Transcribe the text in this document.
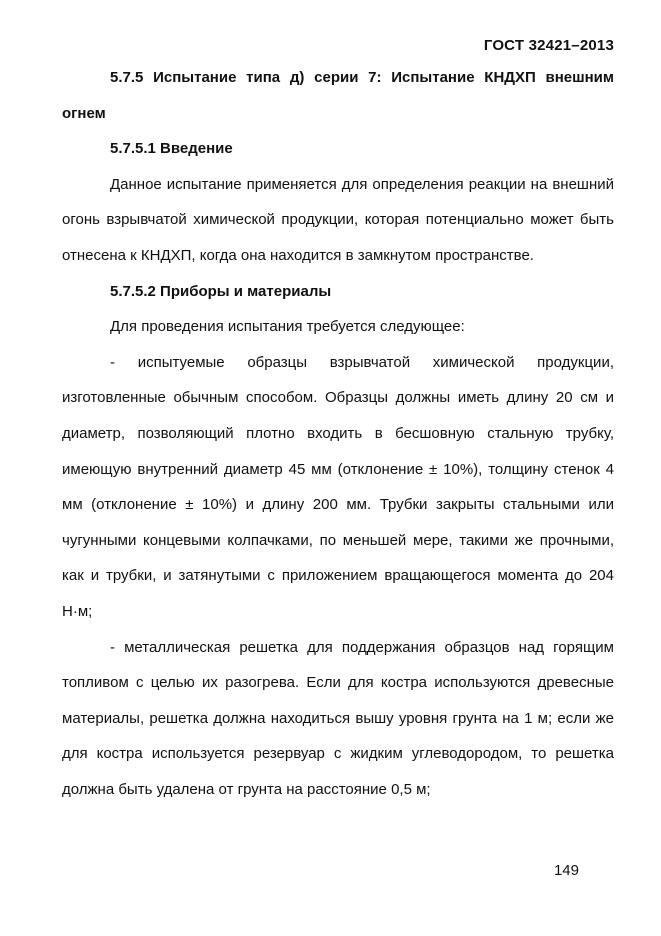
ГОСТ 32421–2013

5.7.5 Испытание типа д) серии 7: Испытание КНДХП внешним огнем

5.7.5.1 Введение

Данное испытание применяется для определения реакции на внешний огонь взрывчатой химической продукции, которая потенциально может быть отнесена к КНДХП, когда она находится в замкнутом пространстве.

5.7.5.2 Приборы и материалы

Для проведения испытания требуется следующее:

- испытуемые образцы взрывчатой химической продукции, изготовленные обычным способом. Образцы должны иметь длину 20 см и диаметр, позволяющий плотно входить в бесшовную стальную трубку, имеющую внутренний диаметр 45 мм (отклонение ± 10%), толщину стенок 4 мм (отклонение ± 10%) и длину 200 мм. Трубки закрыты стальными или чугунными концевыми колпачками, по меньшей мере, такими же прочными, как и трубки, и затянутыми с приложением вращающегося момента до 204 Н·м;

- металлическая решетка для поддержания образцов над горящим топливом с целью их разогрева. Если для костра используются древесные материалы, решетка должна находиться вышу уровня грунта на 1 м; если же для костра используется резервуар с жидким углеводородом, то решетка должна быть удалена от грунта на расстояние 0,5 м;

149
